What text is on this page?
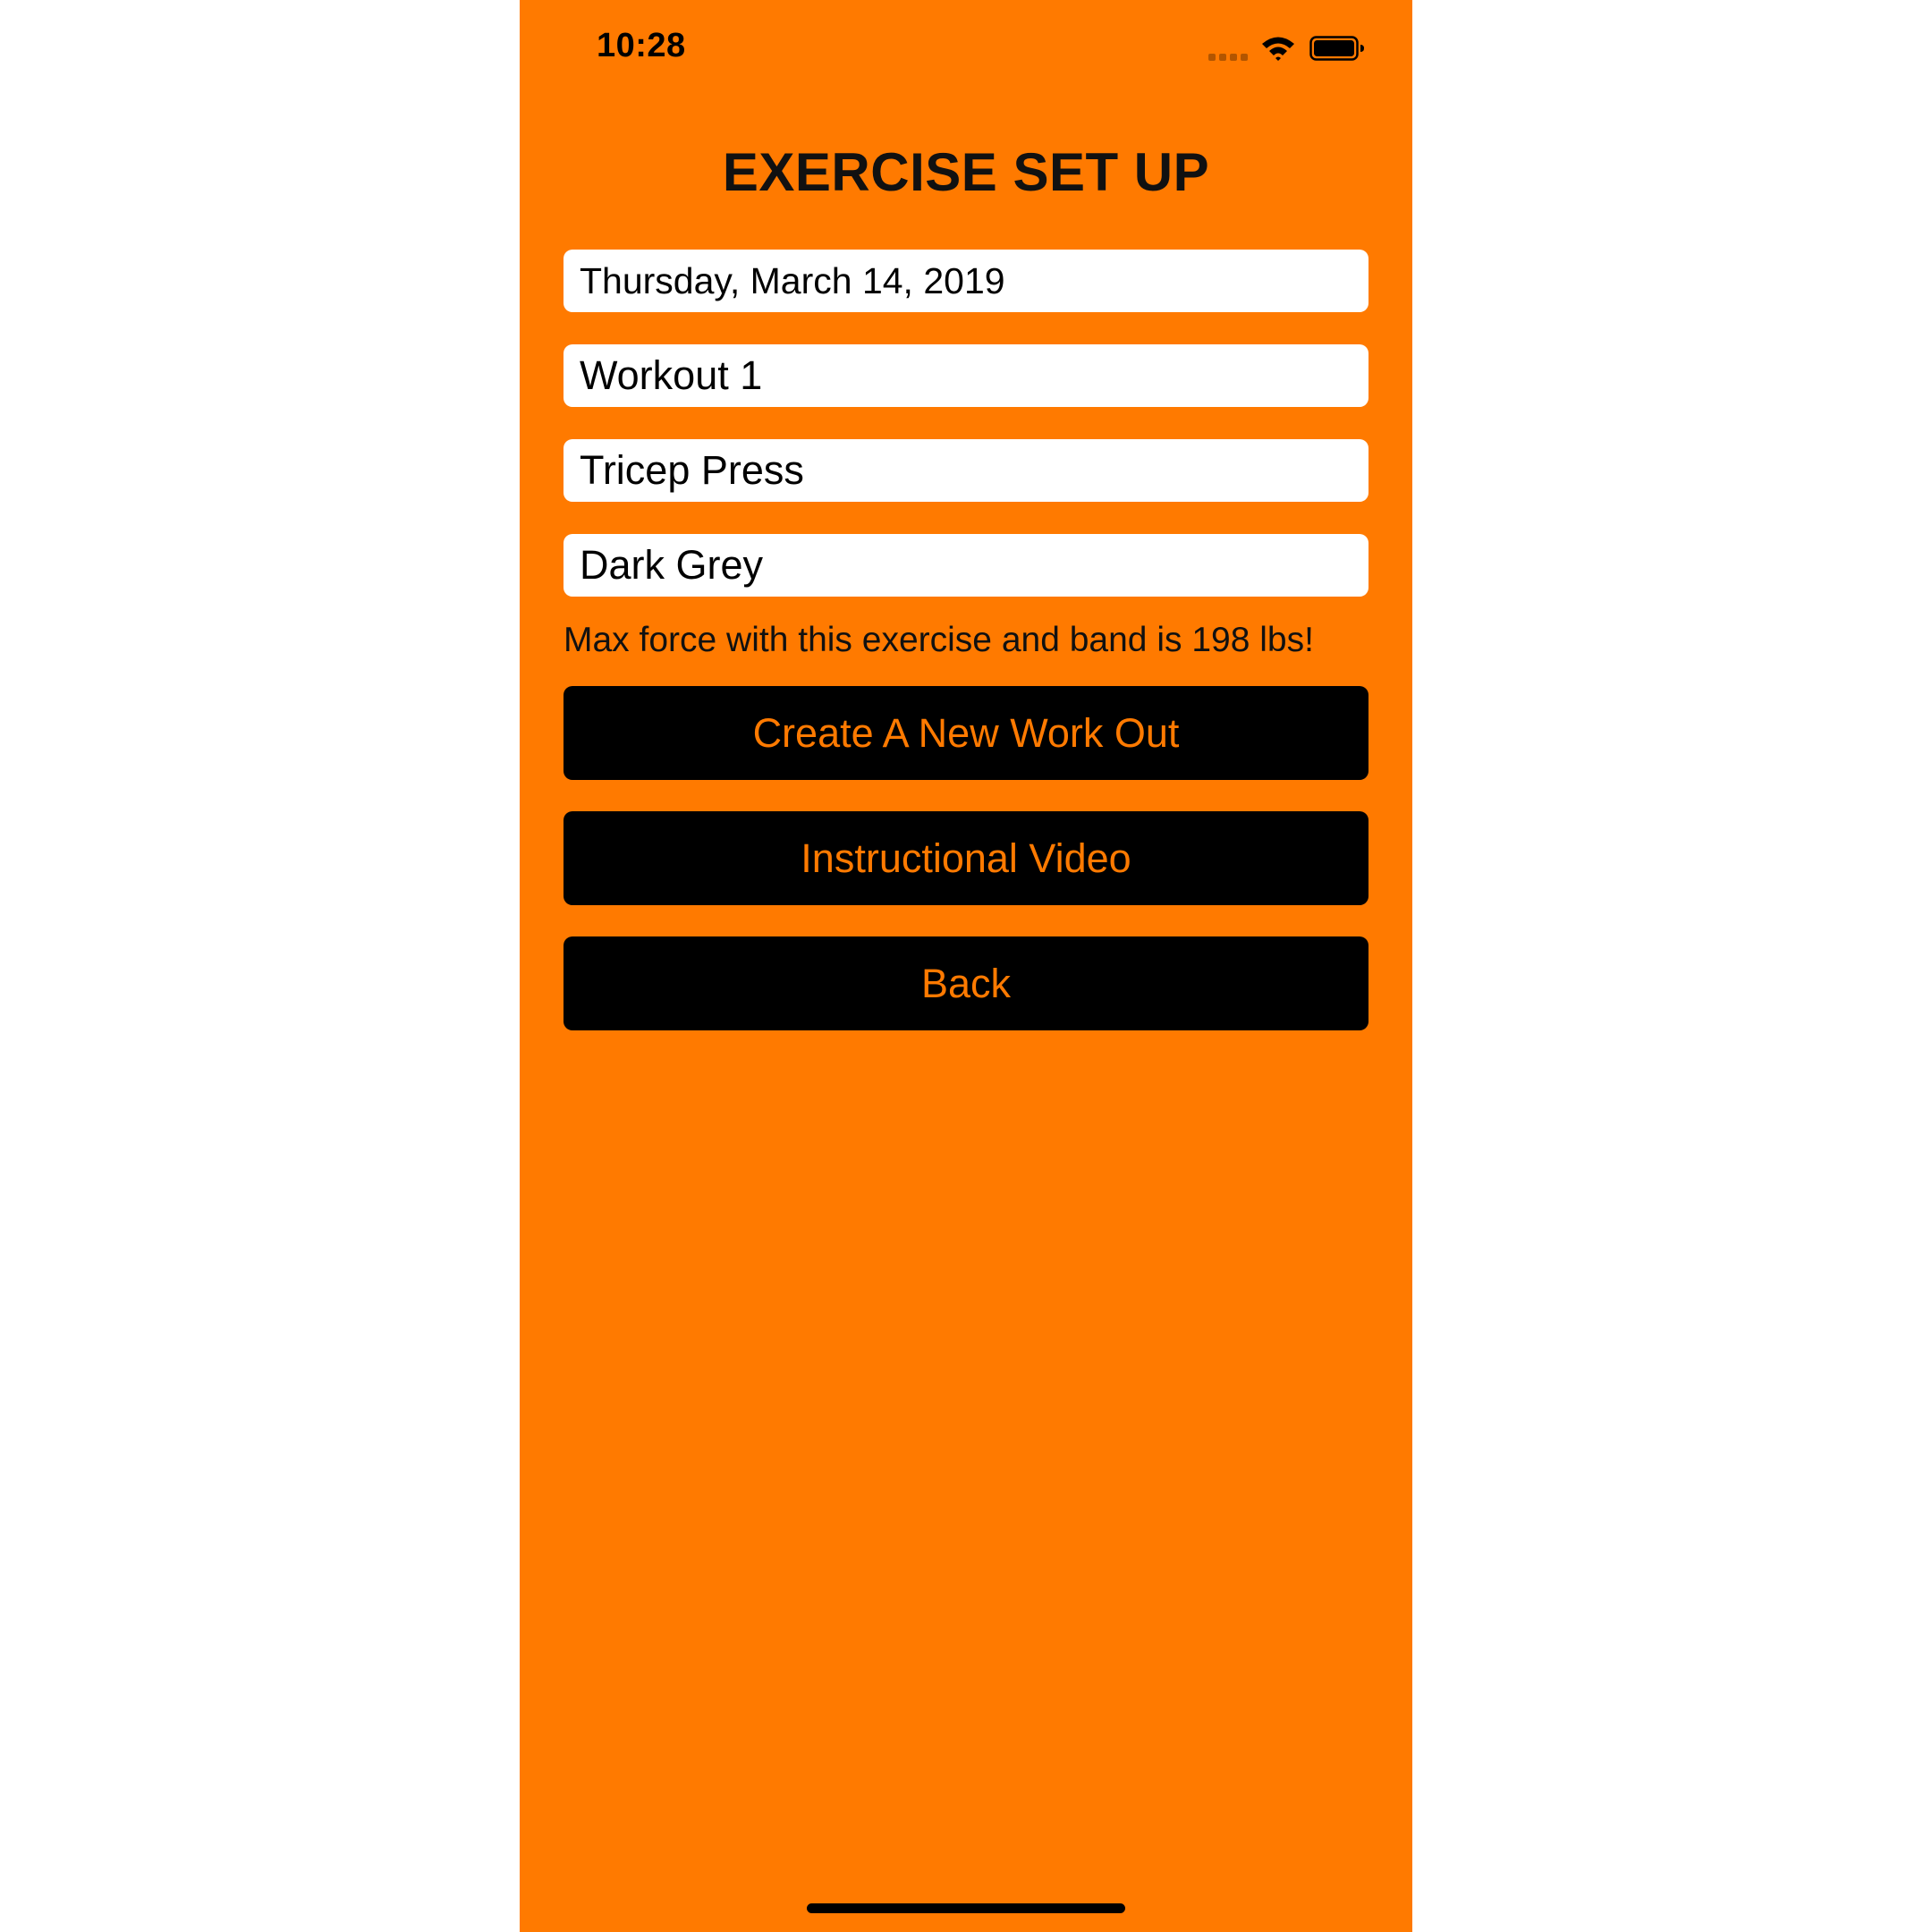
10:28
EXERCISE SET UP
Thursday, March 14, 2019
Workout 1
Tricep Press
Dark Grey
Max force with this exercise and band is 198 lbs!
Create A New Work Out
Instructional Video
Back
